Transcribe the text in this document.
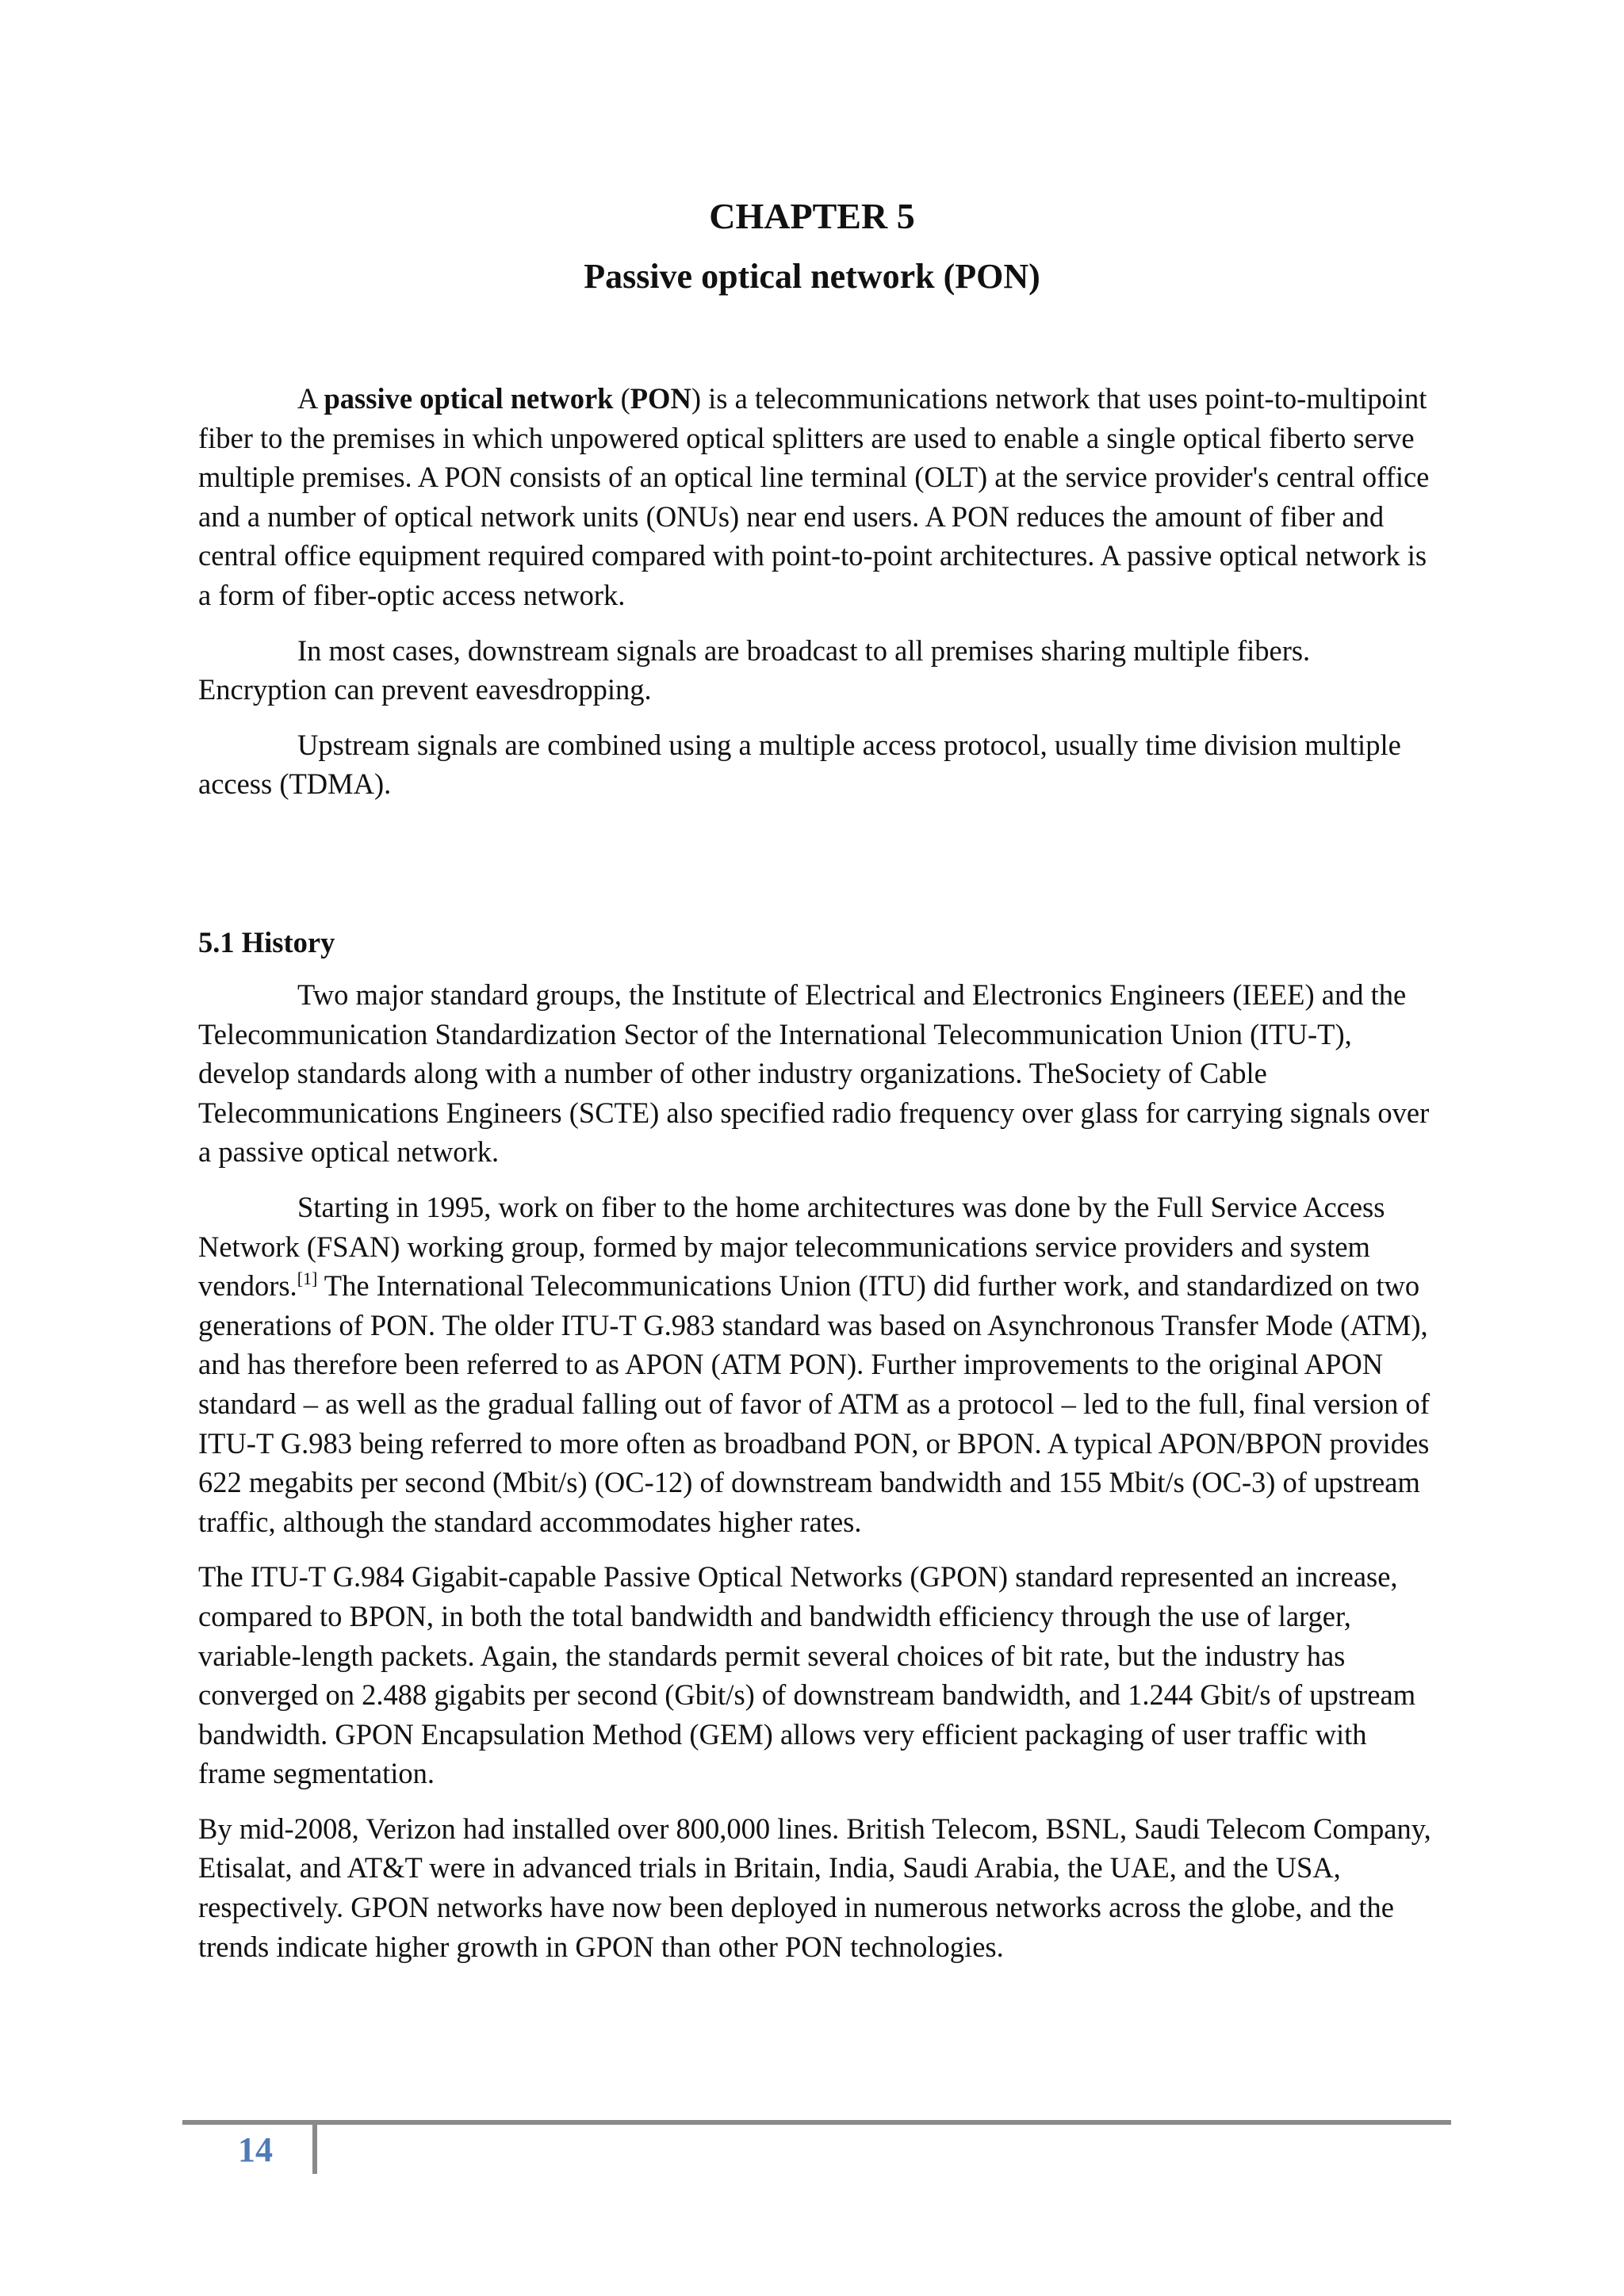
CHAPTER 5
Passive optical network (PON)

A passive optical network (PON) is a telecommunications network that uses point-to-multipoint fiber to the premises in which unpowered optical splitters are used to enable a single optical fiberto serve multiple premises. A PON consists of an optical line terminal (OLT) at the service provider's central office and a number of optical network units (ONUs) near end users. A PON reduces the amount of fiber and central office equipment required compared with point-to-point architectures. A passive optical network is a form of fiber-optic access network.

In most cases, downstream signals are broadcast to all premises sharing multiple fibers. Encryption can prevent eavesdropping.

Upstream signals are combined using a multiple access protocol, usually time division multiple access (TDMA).

5.1 History

Two major standard groups, the Institute of Electrical and Electronics Engineers (IEEE) and the Telecommunication Standardization Sector of the International Telecommunication Union (ITU-T), develop standards along with a number of other industry organizations. TheSociety of Cable Telecommunications Engineers (SCTE) also specified radio frequency over glass for carrying signals over a passive optical network.

Starting in 1995, work on fiber to the home architectures was done by the Full Service Access Network (FSAN) working group, formed by major telecommunications service providers and system vendors.[1] The International Telecommunications Union (ITU) did further work, and standardized on two generations of PON. The older ITU-T G.983 standard was based on Asynchronous Transfer Mode (ATM), and has therefore been referred to as APON (ATM PON). Further improvements to the original APON standard – as well as the gradual falling out of favor of ATM as a protocol – led to the full, final version of ITU-T G.983 being referred to more often as broadband PON, or BPON. A typical APON/BPON provides 622 megabits per second (Mbit/s) (OC-12) of downstream bandwidth and 155 Mbit/s (OC-3) of upstream traffic, although the standard accommodates higher rates.

The ITU-T G.984 Gigabit-capable Passive Optical Networks (GPON) standard represented an increase, compared to BPON, in both the total bandwidth and bandwidth efficiency through the use of larger, variable-length packets. Again, the standards permit several choices of bit rate, but the industry has converged on 2.488 gigabits per second (Gbit/s) of downstream bandwidth, and 1.244 Gbit/s of upstream bandwidth. GPON Encapsulation Method (GEM) allows very efficient packaging of user traffic with frame segmentation.

By mid-2008, Verizon had installed over 800,000 lines. British Telecom, BSNL, Saudi Telecom Company, Etisalat, and AT&T were in advanced trials in Britain, India, Saudi Arabia, the UAE, and the USA, respectively. GPON networks have now been deployed in numerous networks across the globe, and the trends indicate higher growth in GPON than other PON technologies.

14
